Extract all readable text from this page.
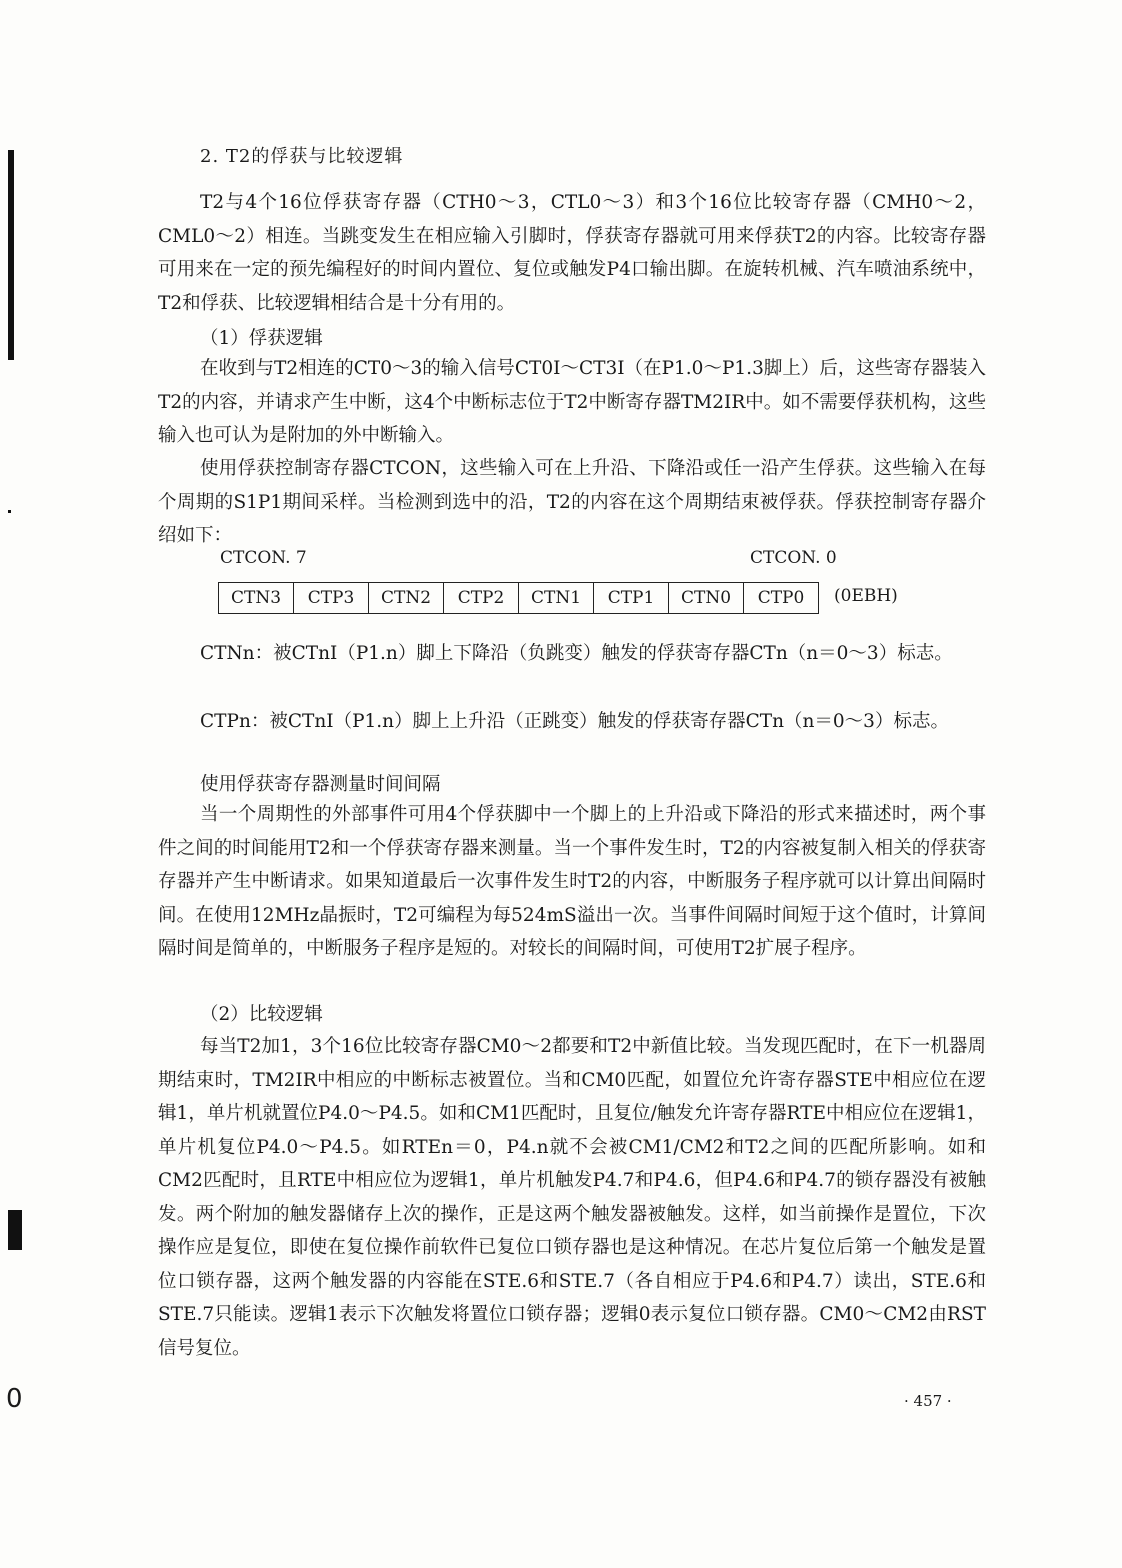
0
2. T2的俘获与比较逻辑
T2与4个16位俘获寄存器（CTH0～3，CTL0～3）和3个16位比较寄存器（CMH0～2，CML0～2）相连。当跳变发生在相应输入引脚时，俘获寄存器就可用来俘获T2的内容。比较寄存器可用来在一定的预先编程好的时间内置位、复位或触发P4口输出脚。在旋转机械、汽车喷油系统中，T2和俘获、比较逻辑相结合是十分有用的。
（1）俘获逻辑
在收到与T2相连的CT0～3的输入信号CT0I～CT3I（在P1.0～P1.3脚上）后，这些寄存器装入T2的内容，并请求产生中断，这4个中断标志位于T2中断寄存器TM2IR中。如不需要俘获机构，这些输入也可认为是附加的外中断输入。
使用俘获控制寄存器CTCON，这些输入可在上升沿、下降沿或任一沿产生俘获。这些输入在每个周期的S1P1期间采样。当检测到选中的沿，T2的内容在这个周期结束被俘获。俘获控制寄存器介绍如下：
CTCON. 7	CTCON. 0
CTN3	CTP3	CTN2	CTP2	CTN1	CTP1	CTN0	CTP0	(0EBH)
CTNn：被CTnI（P1.n）脚上下降沿（负跳变）触发的俘获寄存器CTn（n＝0～3）标志。
CTPn：被CTnI（P1.n）脚上上升沿（正跳变）触发的俘获寄存器CTn（n＝0～3）标志。
使用俘获寄存器测量时间间隔
当一个周期性的外部事件可用4个俘获脚中一个脚上的上升沿或下降沿的形式来描述时，两个事件之间的时间能用T2和一个俘获寄存器来测量。当一个事件发生时，T2的内容被复制入相关的俘获寄存器并产生中断请求。如果知道最后一次事件发生时T2的内容，中断服务子程序就可以计算出间隔时间。在使用12MHz晶振时，T2可编程为每524mS溢出一次。当事件间隔时间短于这个值时，计算间隔时间是简单的，中断服务子程序是短的。对较长的间隔时间，可使用T2扩展子程序。
（2）比较逻辑
每当T2加1，3个16位比较寄存器CM0～2都要和T2中新值比较。当发现匹配时，在下一机器周期结束时，TM2IR中相应的中断标志被置位。当和CM0匹配，如置位允许寄存器STE中相应位在逻辑1，单片机就置位P4.0～P4.5。如和CM1匹配时，且复位/触发允许寄存器RTE中相应位在逻辑1，单片机复位P4.0～P4.5。如RTEn＝0，P4.n就不会被CM1/CM2和T2之间的匹配所影响。如和CM2匹配时，且RTE中相应位为逻辑1，单片机触发P4.7和P4.6，但P4.6和P4.7的锁存器没有被触发。两个附加的触发器储存上次的操作，正是这两个触发器被触发。这样，如当前操作是置位，下次操作应是复位，即使在复位操作前软件已复位口锁存器也是这种情况。在芯片复位后第一个触发是置位口锁存器，这两个触发器的内容能在STE.6和STE.7（各自相应于P4.6和P4.7）读出，STE.6和STE.7只能读。逻辑1表示下次触发将置位口锁存器；逻辑0表示复位口锁存器。CM0～CM2由RST信号复位。
· 457 ·
